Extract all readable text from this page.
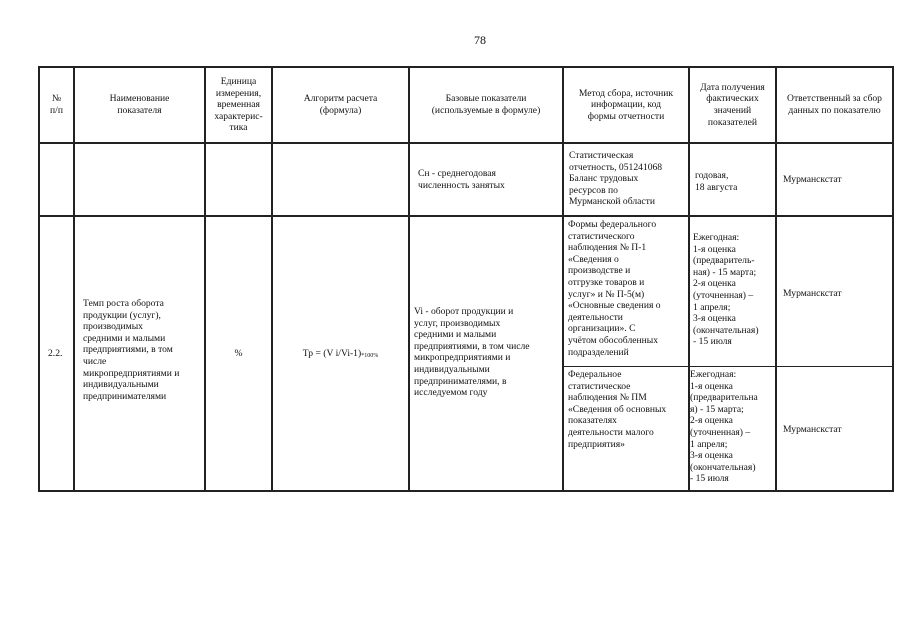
78
№
п/п
Наименование
показателя
Единица
измерения,
временная
характерис-
тика
Алгоритм расчета
(формула)
Базовые показатели
(используемые в формуле)
Метод сбора, источник
информации, код
формы отчетности
Дата получения
фактических
значений
показателей
Ответственный за сбор
данных по показателю
Сн - среднегодовая
численность занятых
Статистическая
отчетность, 051241068
Баланс трудовых
ресурсов по
Мурманской области
годовая,
18 августа
Мурманскстат
2.2.
Темп роста оборота
продукции (услуг),
производимых
средними и малыми
предприятиями, в том
числе
микропредприятиями и
индивидуальными
предпринимателями
%	Тр = (V $i/Vi-1)_{*100\%}$
Vi - оборот продукции и
услуг, производимых
средними и малыми
предприятиями, в том числе
микропредприятиями и
индивидуальными
предпринимателями, в
исследуемом году
Формы федерального
статистического
наблюдения № П-1
«Сведения о
производстве и
отгрузке товаров и
услуг» и № П-5(м)
«Основные сведения о
деятельности
организации». С
учётом обособленных
подразделений
Ежегодная:
1-я оценка
(предваритель-
ная) - 15 марта;
2-я оценка
(уточненная) –
1 апреля;
3-я оценка
(окончательная)
- 15 июля
Мурманскстат
Федеральное
статистическое
наблюдения № ПМ
«Сведения об основных
показателях
деятельности малого
предприятия»
Ежегодная:
1-я оценка
(предварительна
я) - 15 марта;
2-я оценка
(уточненная) –
1 апреля;
3-я оценка
(окончательная)
- 15 июля
Мурманскстат
